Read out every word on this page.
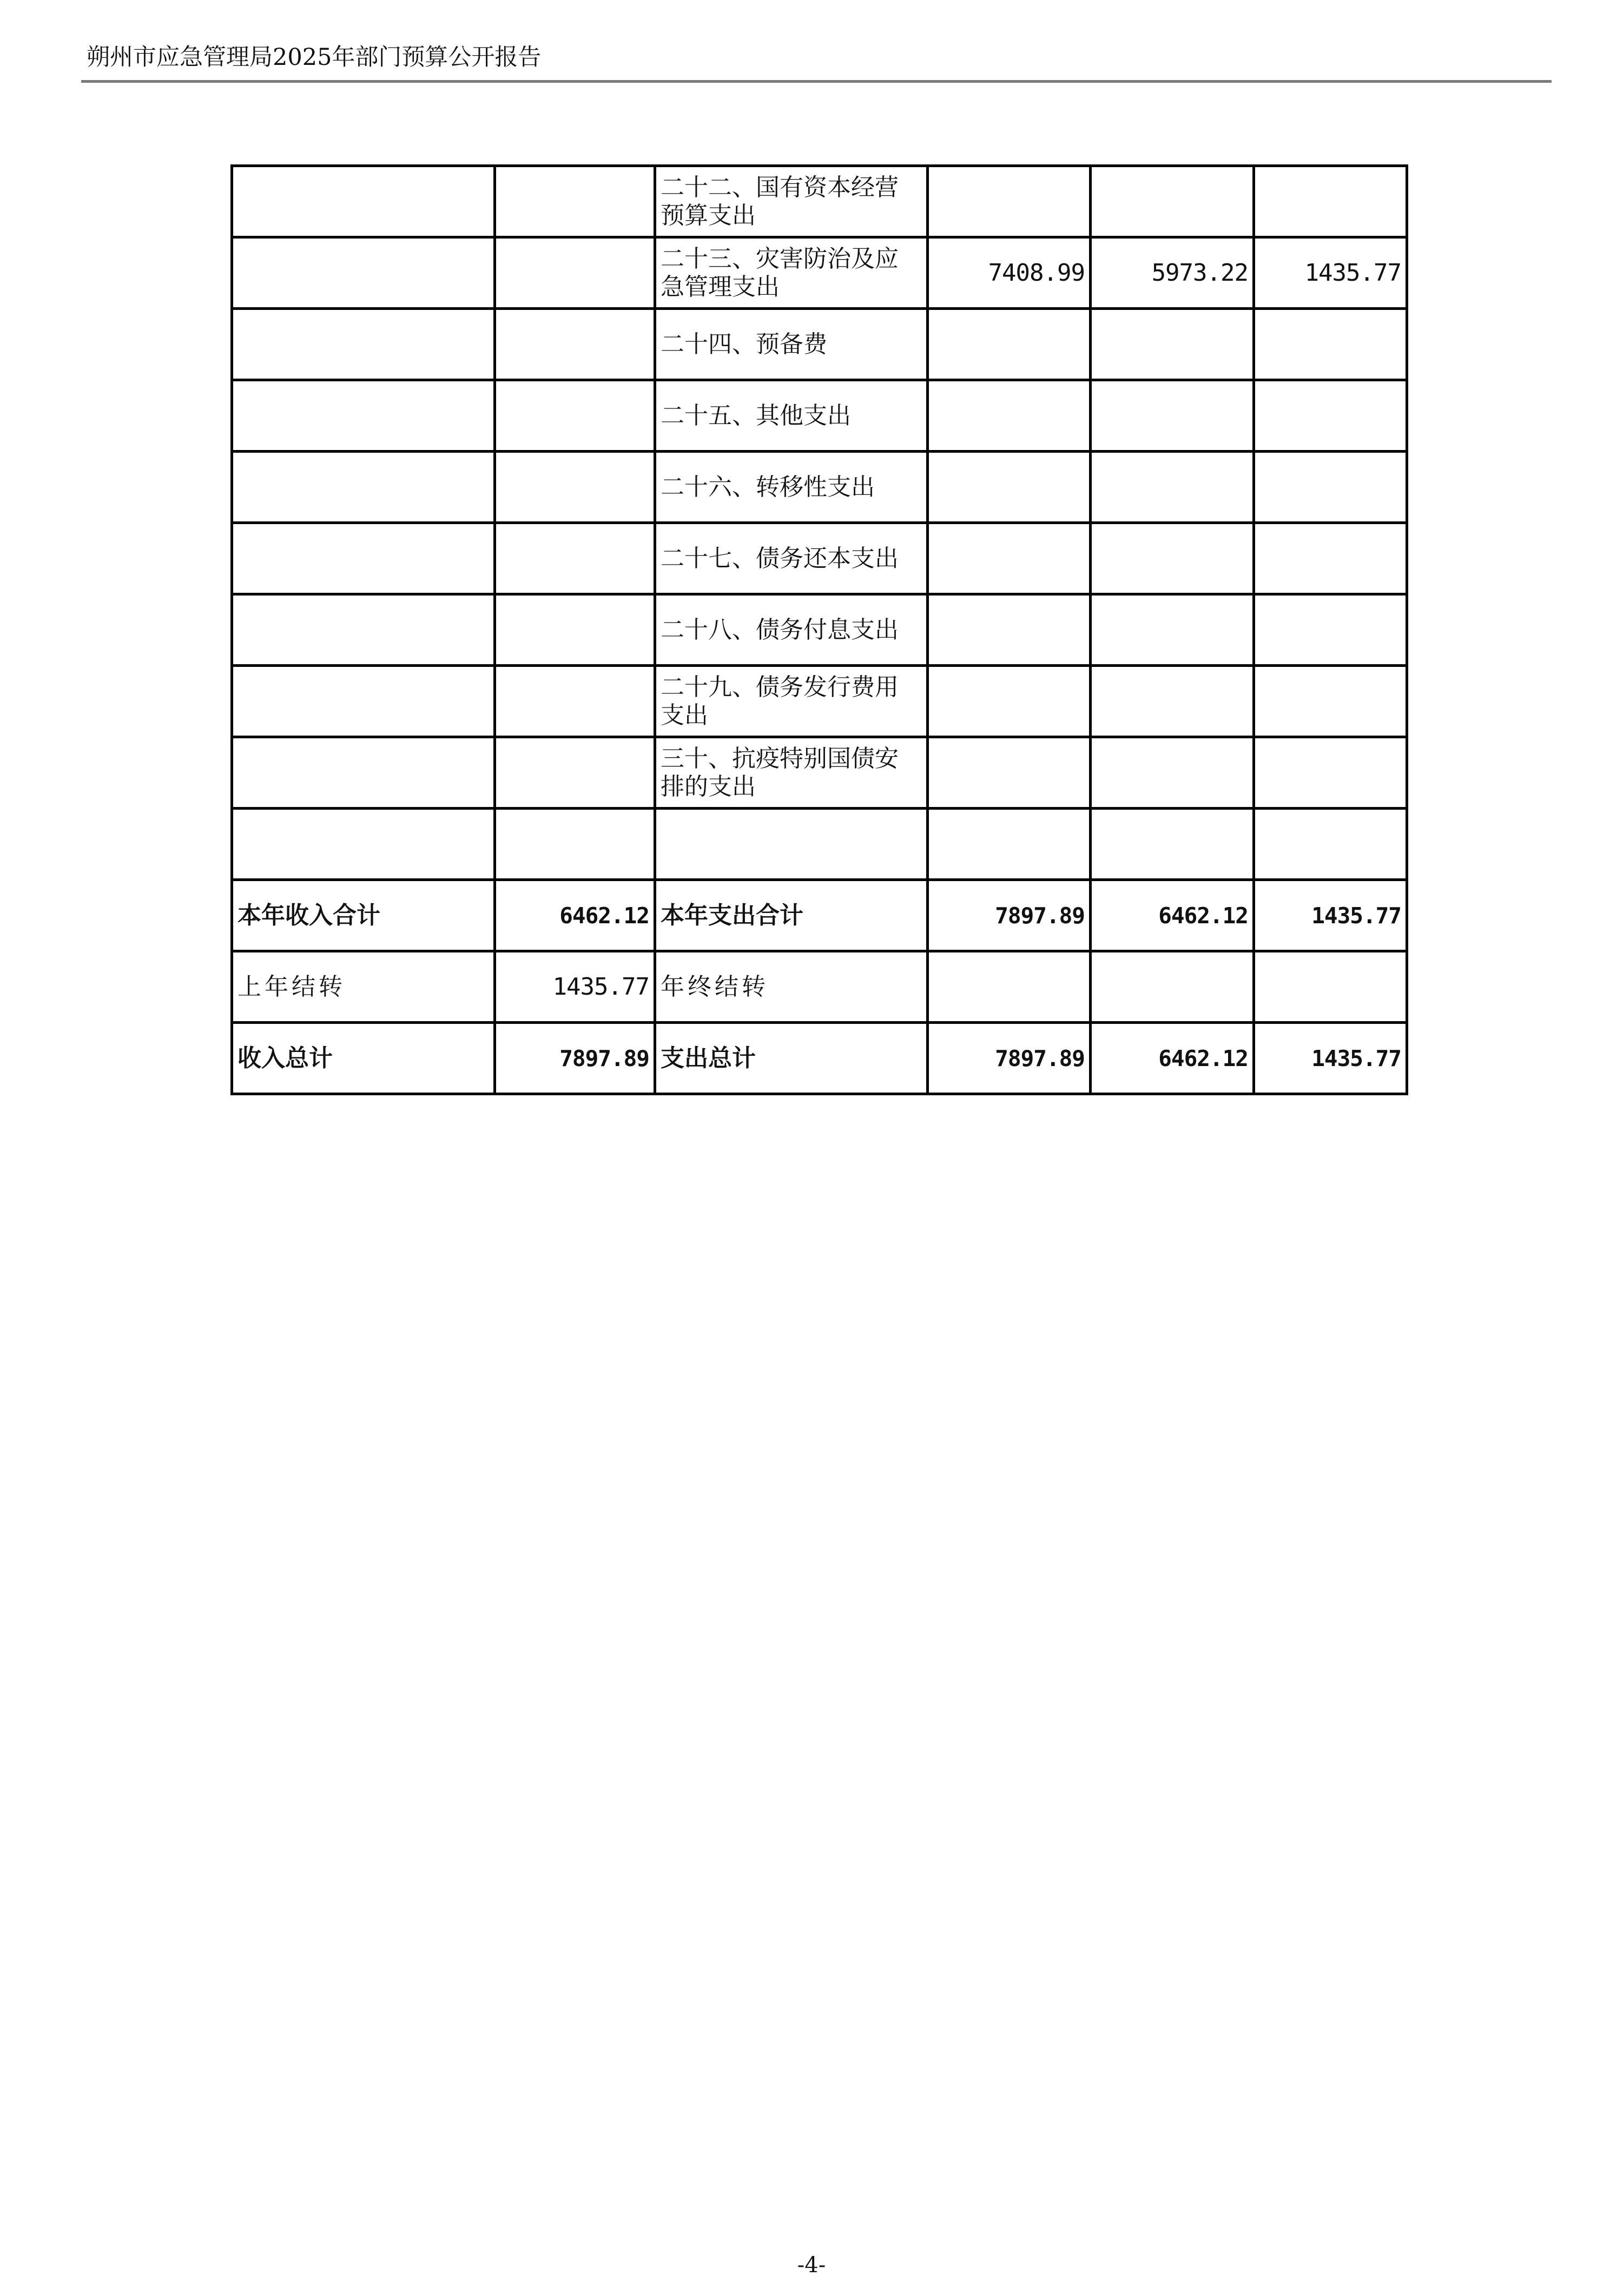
朔州市应急管理局2025年部门预算公开报告
		二十二、国有资本经营预算支出			
		二十三、灾害防治及应急管理支出	7408.99	5973.22	1435.77
		二十四、预备费			
		二十五、其他支出			
		二十六、转移性支出			
		二十七、债务还本支出			
		二十八、债务付息支出			
		二十九、债务发行费用支出			
		三十、抗疫特别国债安排的支出			

本年收入合计	6462.12	本年支出合计	7897.89	6462.12	1435.77
上年结转	1435.77	年终结转			
收入总计	7897.89	支出总计	7897.89	6462.12	1435.77
-4-
